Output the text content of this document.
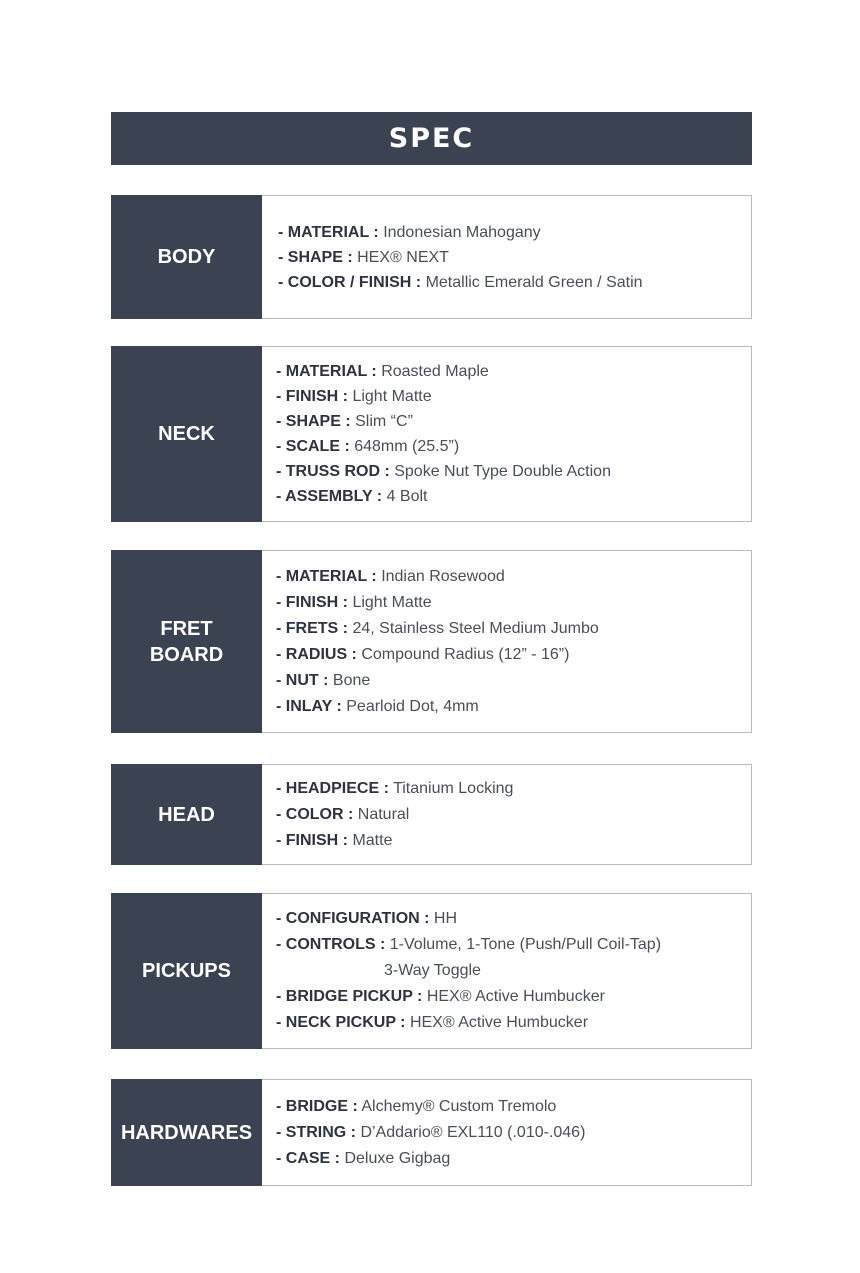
SPEC
BODY
- MATERIAL : Indonesian Mahogany
- SHAPE : HEX® NEXT
- COLOR / FINISH : Metallic Emerald Green / Satin
NECK
- MATERIAL : Roasted Maple
- FINISH : Light Matte
- SHAPE : Slim “C”
- SCALE : 648mm (25.5”)
- TRUSS ROD : Spoke Nut Type Double Action
- ASSEMBLY : 4 Bolt
FRET
BOARD
- MATERIAL : Indian Rosewood
- FINISH : Light Matte
- FRETS : 24, Stainless Steel Medium Jumbo
- RADIUS : Compound Radius (12” - 16”)
- NUT : Bone
- INLAY : Pearloid Dot, 4mm
HEAD
- HEADPIECE : Titanium Locking
- COLOR : Natural
- FINISH : Matte
PICKUPS
- CONFIGURATION : HH
- CONTROLS : 1-Volume, 1-Tone (Push/Pull Coil-Tap)
3-Way Toggle
- BRIDGE PICKUP : HEX® Active Humbucker
- NECK PICKUP : HEX® Active Humbucker
HARDWARES
- BRIDGE : Alchemy® Custom Tremolo
- STRING : D’Addario® EXL110 (.010-.046)
- CASE : Deluxe Gigbag
